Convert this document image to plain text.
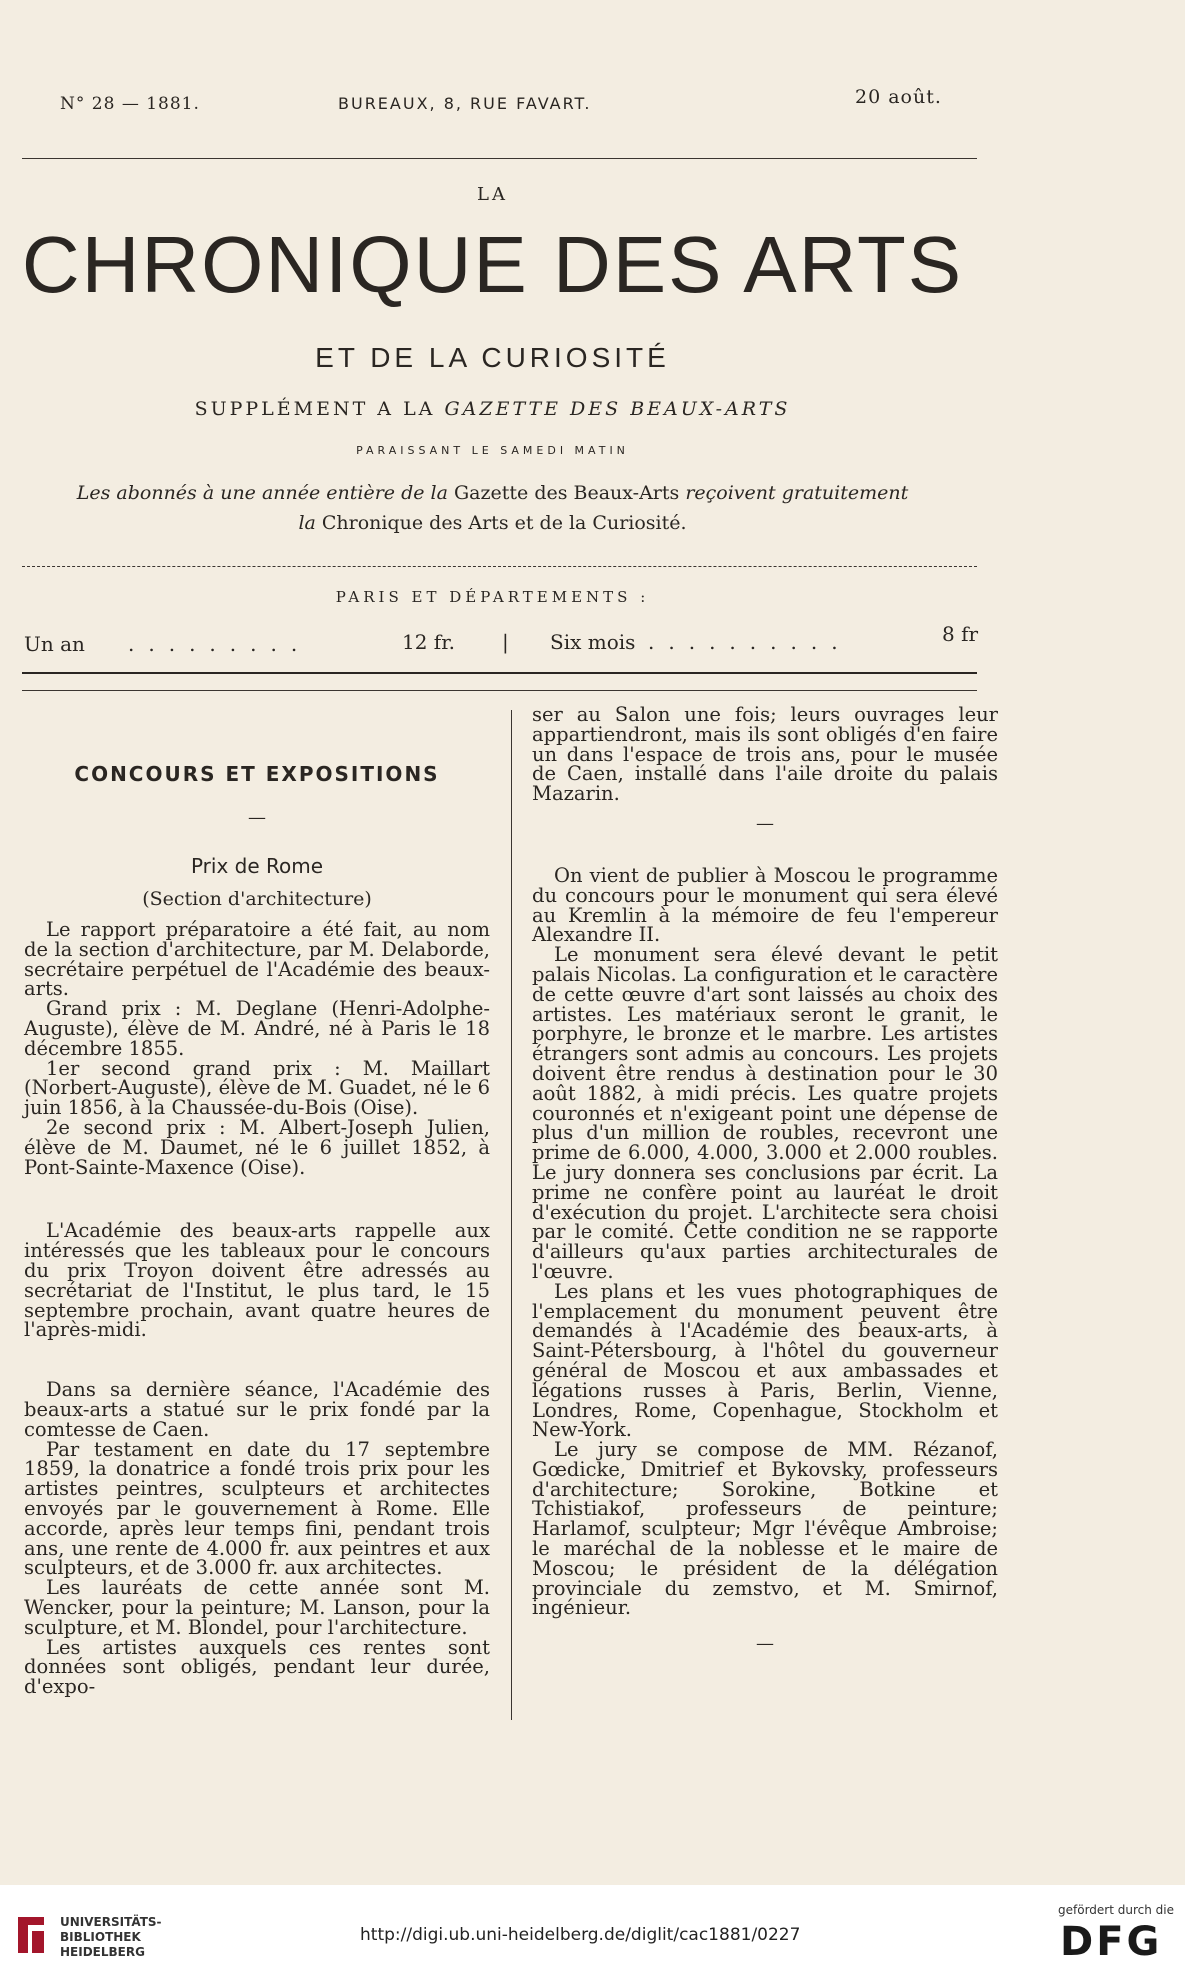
N° 28 — 1881.	BUREAUX, 8, RUE FAVART.	20 août.
LA
CHRONIQUE DES ARTS
ET DE LA CURIOSITÉ
SUPPLÉMENT A LA GAZETTE DES BEAUX-ARTS
PARAISSANT LE SAMEDI MATIN
Les abonnés à une année entière de la Gazette des Beaux-Arts reçoivent gratuitement
la Chronique des Arts et de la Curiosité.
PARIS ET DÉPARTEMENTS :
Un an .........	12 fr. | Six mois ..........	8 fr
CONCOURS ET EXPOSITIONS
—
Prix de Rome
(Section d'architecture)

Le rapport préparatoire a été fait, au nom de la section d'architecture, par M. Delaborde, secrétaire perpétuel de l'Académie des beaux-arts.

Grand prix : M. Deglane (Henri-Adolphe-Auguste), élève de M. André, né à Paris le 18 décembre 1855.

1er second grand prix : M. Maillart (Norbert-Auguste), élève de M. Guadet, né le 6 juin 1856, à la Chaussée-du-Bois (Oise).

2e second prix : M. Albert-Joseph Julien, élève de M. Daumet, né le 6 juillet 1852, à Pont-Sainte-Maxence (Oise).

L'Académie des beaux-arts rappelle aux intéressés que les tableaux pour le concours du prix Troyon doivent être adressés au secrétariat de l'Institut, le plus tard, le 15 septembre prochain, avant quatre heures de l'après-midi.

Dans sa dernière séance, l'Académie des beaux-arts a statué sur le prix fondé par la comtesse de Caen.

Par testament en date du 17 septembre 1859, la donatrice a fondé trois prix pour les artistes peintres, sculpteurs et architectes envoyés par le gouvernement à Rome. Elle accorde, après leur temps fini, pendant trois ans, une rente de 4.000 fr. aux peintres et aux sculpteurs, et de 3.000 fr. aux architectes.

Les lauréats de cette année sont M. Wencker, pour la peinture; M. Lanson, pour la sculpture, et M. Blondel, pour l'architecture.

Les artistes auxquels ces rentes sont données sont obligés, pendant leur durée, d'expo-

ser au Salon une fois; leurs ouvrages leur appartiendront, mais ils sont obligés d'en faire un dans l'espace de trois ans, pour le musée de Caen, installé dans l'aile droite du palais Mazarin.

—

On vient de publier à Moscou le programme du concours pour le monument qui sera élevé au Kremlin à la mémoire de feu l'empereur Alexandre II.

Le monument sera élevé devant le petit palais Nicolas. La configuration et le caractère de cette œuvre d'art sont laissés au choix des artistes. Les matériaux seront le granit, le porphyre, le bronze et le marbre. Les artistes étrangers sont admis au concours. Les projets doivent être rendus à destination pour le 30 août 1882, à midi précis. Les quatre projets couronnés et n'exigeant point une dépense de plus d'un million de roubles, recevront une prime de 6.000, 4.000, 3.000 et 2.000 roubles. Le jury donnera ses conclusions par écrit. La prime ne confère point au lauréat le droit d'exécution du projet. L'architecte sera choisi par le comité. Cette condition ne se rapporte d'ailleurs qu'aux parties architecturales de l'œuvre.

Les plans et les vues photographiques de l'emplacement du monument peuvent être demandés à l'Académie des beaux-arts, à Saint-Pétersbourg, à l'hôtel du gouverneur général de Moscou et aux ambassades et légations russes à Paris, Berlin, Vienne, Londres, Rome, Copenhague, Stockholm et New-York.

Le jury se compose de MM. Rézanof, Gœdicke, Dmitrief et Bykovsky, professeurs d'architecture; Sorokine, Botkine et Tchistiakof, professeurs de peinture; Harlamof, sculpteur; Mgr l'évêque Ambroise; le maréchal de la noblesse et le maire de Moscou; le président de la délégation provinciale du zemstvo, et M. Smirnof, ingénieur.

—
UNIVERSITÄTS-
BIBLIOTHEK
HEIDELBERG
http://digi.ub.uni-heidelberg.de/diglit/cac1881/0227
gefördert durch die
DFG
